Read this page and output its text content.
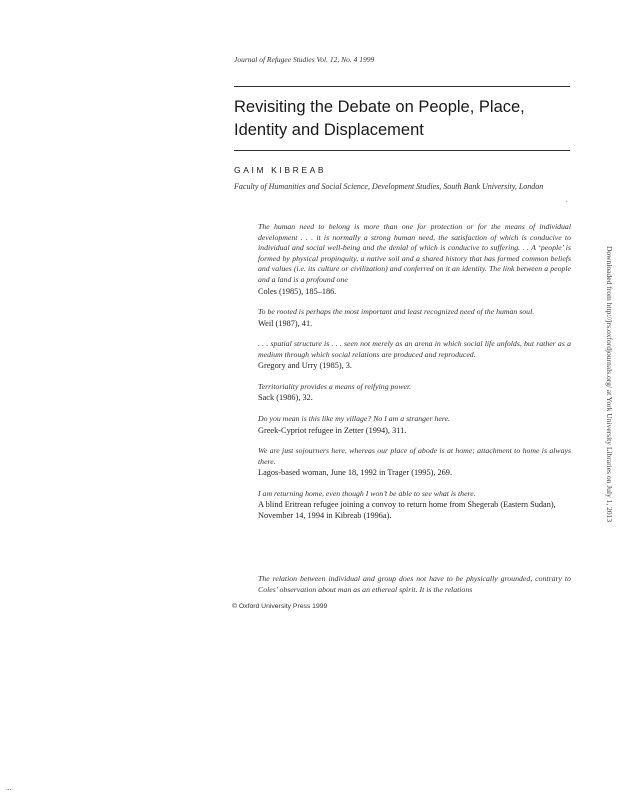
Journal of Refugee Studies Vol. 12, No. 4 1999
Revisiting the Debate on People, Place, Identity and Displacement
GAIM KIBREAB
Faculty of Humanities and Social Science, Development Studies, South Bank University, London
.

The human need to belong is more than one for protection or for the means of individual development . . . it is normally a strong human need, the satisfaction of which is conducive to individual and social well-being and the denial of which is conducive to suffering. . . A ‘people’ is formed by physical propinquity, a native soil and a shared history that has formed common beliefs and values (i.e. its culture or civilization) and conferred on it an identity. The link between a people and a land is a profound one

Coles (1985), 185–186.

To be rooted is perhaps the most important and least recognized need of the human soul.

Weil (1987), 41.

. . . spatial structure is . . . seen not merely as an arena in which social life unfolds, but rather as a medium through which social relations are produced and reproduced.

Gregory and Urry (1985), 3.

Territoriality provides a means of reifying power.

Sack (1986), 32.

Do you mean is this like my village? No I am a stranger here.

Greek-Cypriot refugee in Zetter (1994), 311.

We are just sojourners here, whereas our place of abode is at home; attachment to home is always there.

Lagos-based woman, June 18, 1992 in Trager (1995), 269.

I am returning home, even though I won’t be able to see what is there.

A blind Eritrean refugee joining a convoy to return home from Shegerab (Eastern Sudan), November 14, 1994 in Kibreab (1996a).

The relation between individual and group does not have to be physically grounded, contrary to Coles’ observation about man as an ethereal spirit. It is the relations

© Oxford University Press 1999
Downloaded from http://jrs.oxfordjournals.org/ at York University Libraries on July 1, 2013
...
